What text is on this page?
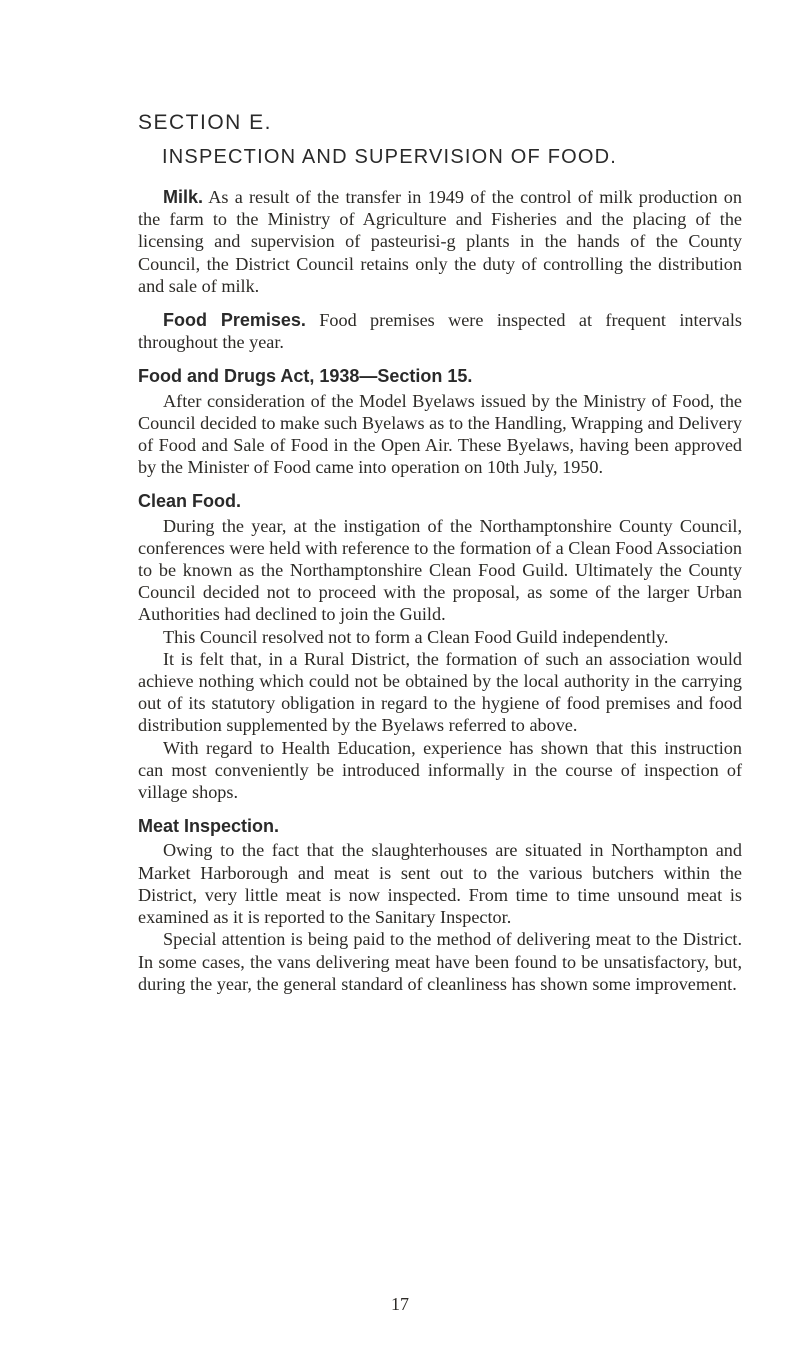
SECTION E.
INSPECTION AND SUPERVISION OF FOOD.

Milk. As a result of the transfer in 1949 of the control of milk production on the farm to the Ministry of Agriculture and Fisheries and the placing of the licensing and supervision of pasteurisi-g plants in the hands of the County Council, the District Council retains only the duty of controlling the distribution and sale of milk.

Food Premises. Food premises were inspected at frequent intervals throughout the year.

Food and Drugs Act, 1938—Section 15.

After consideration of the Model Byelaws issued by the Ministry of Food, the Council decided to make such Byelaws as to the Handling, Wrapping and Delivery of Food and Sale of Food in the Open Air. These Byelaws, having been approved by the Minister of Food came into operation on 10th July, 1950.

Clean Food.

During the year, at the instigation of the Northamptonshire County Council, conferences were held with reference to the formation of a Clean Food Association to be known as the Northamptonshire Clean Food Guild. Ultimately the County Council decided not to proceed with the proposal, as some of the larger Urban Authorities had declined to join the Guild.

This Council resolved not to form a Clean Food Guild independently.

It is felt that, in a Rural District, the formation of such an association would achieve nothing which could not be obtained by the local authority in the carrying out of its statutory obligation in regard to the hygiene of food premises and food distribution supplemented by the Byelaws referred to above.

With regard to Health Education, experience has shown that this instruction can most conveniently be introduced informally in the course of inspection of village shops.

Meat Inspection.

Owing to the fact that the slaughterhouses are situated in Northampton and Market Harborough and meat is sent out to the various butchers within the District, very little meat is now inspected. From time to time unsound meat is examined as it is reported to the Sanitary Inspector.

Special attention is being paid to the method of delivering meat to the District. In some cases, the vans delivering meat have been found to be unsatisfactory, but, during the year, the general standard of cleanliness has shown some improvement.

17
